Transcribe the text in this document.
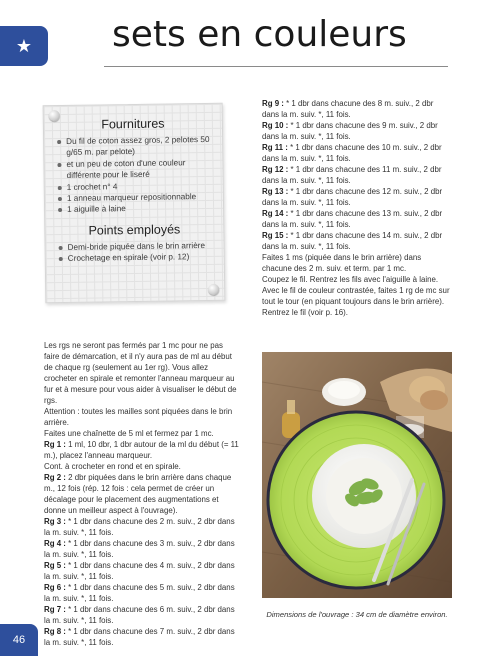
★ sets en couleurs
Fournitures
Du fil de coton assez gros, 2 pelotes 50 g/65 m. par pelote)
et un peu de coton d'une couleur différente pour le liseré
1 crochet n° 4
1 anneau marqueur repositionnable
1 aiguille à laine
Points employés
Demi-bride piquée dans le brin arrière
Crochetage en spirale (voir p. 12)

Les rgs ne seront pas fermés par 1 mc pour ne pas faire de démarcation, et il n'y aura pas de ml au début de chaque rg (seulement au 1er rg). Vous allez crocheter en spirale et remonter l'anneau marqueur au fur et à mesure pour vous aider à visualiser le début de rgs.

Attention : toutes les mailles sont piquées dans le brin arrière.

Faites une chaînette de 5 ml et fermez par 1 mc.

Rg 1 : 1 ml, 10 dbr, 1 dbr autour de la ml du début (= 11 m.), placez l'anneau marqueur.

Cont. à crocheter en rond et en spirale.

Rg 2 : 2 dbr piquées dans le brin arrière dans chaque m., 12 fois (rép. 12 fois : cela permet de créer un décalage pour le placement des augmentations et donne un meilleur aspect à l'ouvrage).

Rg 3 : * 1 dbr dans chacune des 2 m. suiv., 2 dbr dans la m. suiv. *, 11 fois.

Rg 4 : * 1 dbr dans chacune des 3 m. suiv., 2 dbr dans la m. suiv. *, 11 fois.

Rg 5 : * 1 dbr dans chacune des 4 m. suiv., 2 dbr dans la m. suiv. *, 11 fois.

Rg 6 : * 1 dbr dans chacune des 5 m. suiv., 2 dbr dans la m. suiv. *, 11 fois.

Rg 7 : * 1 dbr dans chacune des 6 m. suiv., 2 dbr dans la m. suiv. *, 11 fois.

Rg 8 : * 1 dbr dans chacune des 7 m. suiv., 2 dbr dans la m. suiv. *, 11 fois.

Rg 9 : * 1 dbr dans chacune des 8 m. suiv., 2 dbr dans la m. suiv. *, 11 fois.

Rg 10 : * 1 dbr dans chacune des 9 m. suiv., 2 dbr dans la m. suiv. *, 11 fois.

Rg 11 : * 1 dbr dans chacune des 10 m. suiv., 2 dbr dans la m. suiv. *, 11 fois.

Rg 12 : * 1 dbr dans chacune des 11 m. suiv., 2 dbr dans la m. suiv. *, 11 fois.

Rg 13 : * 1 dbr dans chacune des 12 m. suiv., 2 dbr dans la m. suiv. *, 11 fois.

Rg 14 : * 1 dbr dans chacune des 13 m. suiv., 2 dbr dans la m. suiv. *, 11 fois.

Rg 15 : * 1 dbr dans chacune des 14 m. suiv., 2 dbr dans la m. suiv. *, 11 fois.

Faites 1 ms (piquée dans le brin arrière) dans chacune des 2 m. suiv. et term. par 1 mc.

Coupez le fil. Rentrez les fils avec l'aiguille à laine.

Avec le fil de couleur contrastée, faites 1 rg de mc sur tout le tour (en piquant toujours dans le brin arrière). Rentrez le fil (voir p. 16).

Dimensions de l'ouvrage : 34 cm de diamètre environ.
46
